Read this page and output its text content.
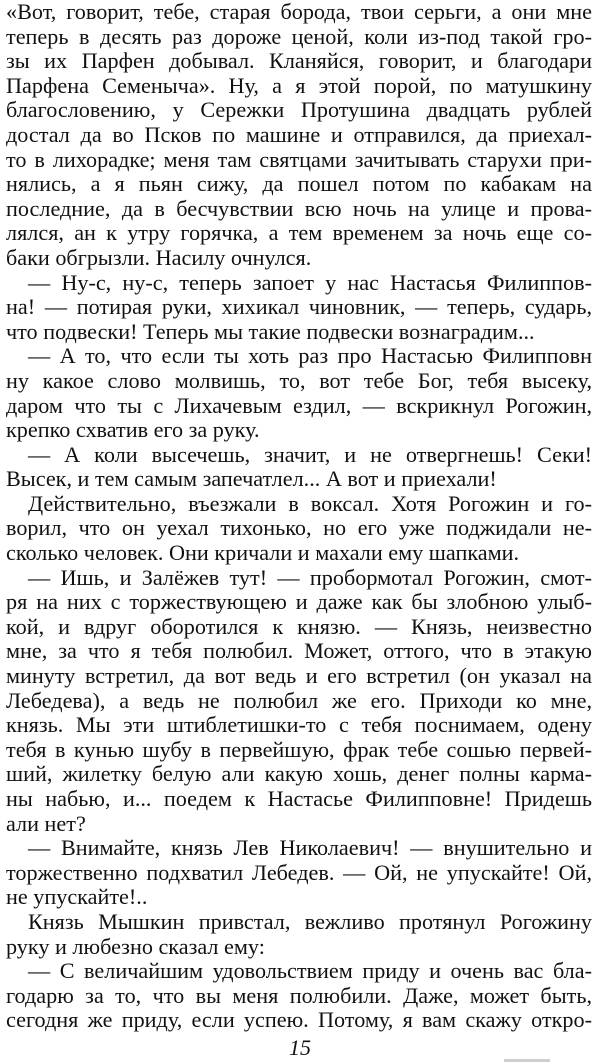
«Вот, говорит, тебе, старая борода, твои серьги, а они мне
теперь в десять раз дороже ценой, коли из-под такой гро-
зы их Парфен добывал. Кланяйся, говорит, и благодари
Парфена Семеныча». Ну, а я этой порой, по матушкину
благословению, у Сережки Протушина двадцать рублей
достал да во Псков по машине и отправился, да приехал-
то в лихорадке; меня там святцами зачитывать старухи при-
нялись, а я пьян сижу, да пошел потом по кабакам на
последние, да в бесчувствии всю ночь на улице и прова-
лялся, ан к утру горячка, а тем временем за ночь еще со-
баки обгрызли. Насилу очнулся.
— Ну-с, ну-с, теперь запоет у нас Настасья Филиппов-
на! — потирая руки, хихикал чиновник, — теперь, сударь,
что подвески! Теперь мы такие подвески вознаградим...
— А то, что если ты хоть раз про Настасью Филипповн
ну какое слово молвишь, то, вот тебе Бог, тебя высеку,
даром что ты с Лихачевым ездил, — вскрикнул Рогожин,
крепко схватив его за руку.
— А коли высечешь, значит, и не отвергнешь! Секи!
Высек, и тем самым запечатлел... А вот и приехали!
Действительно, въезжали в воксал. Хотя Рогожин и го-
ворил, что он уехал тихонько, но его уже поджидали не-
сколько человек. Они кричали и махали ему шапками.
— Ишь, и Залёжев тут! — пробормотал Рогожин, смот-
ря на них с торжествующею и даже как бы злобною улыб-
кой, и вдруг оборотился к князю. — Князь, неизвестно
мне, за что я тебя полюбил. Может, оттого, что в этакую
минуту встретил, да вот ведь и его встретил (он указал на
Лебедева), а ведь не полюбил же его. Приходи ко мне,
князь. Мы эти штиблетишки-то с тебя поснимаем, одену
тебя в кунью шубу в первейшую, фрак тебе сошью первей-
ший, жилетку белую али какую хошь, денег полны карма-
ны набью, и... поедем к Настасье Филипповне! Придешь
али нет?
— Внимайте, князь Лев Николаевич! — внушительно и
торжественно подхватил Лебедев. — Ой, не упускайте! Ой,
не упускайте!..
Князь Мышкин привстал, вежливо протянул Рогожину
руку и любезно сказал ему:
— С величайшим удовольствием приду и очень вас бла-
годарю за то, что вы меня полюбили. Даже, может быть,
сегодня же приду, если успею. Потому, я вам скажу откро-
15
